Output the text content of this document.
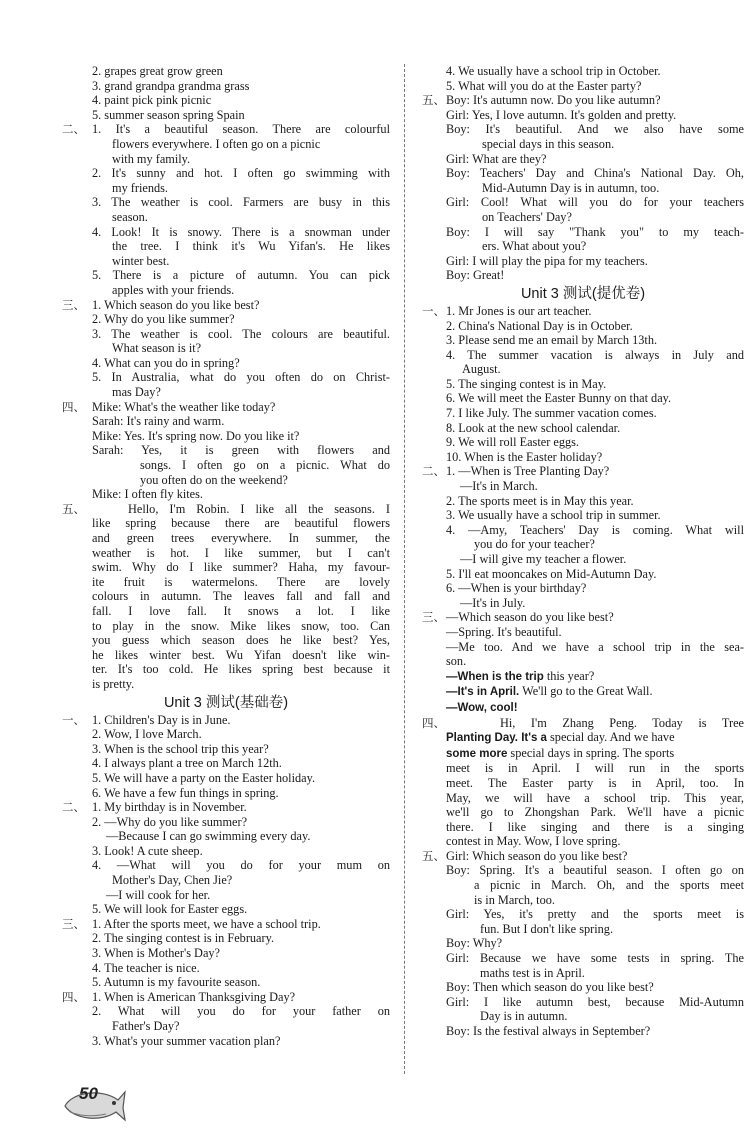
2. grapes great grow green
3. grand grandpa grandma grass
4. paint pick pink picnic
5. summer season spring Spain
二、 1. It's a beautiful season. There are colourful
flowers everywhere. I often go on a picnic
with my family.
2. It's sunny and hot. I often go swimming with
my friends.
3. The weather is cool. Farmers are busy in this
season.
4. Look! It is snowy. There is a snowman under
the tree. I think it's Wu Yifan's. He likes
winter best.
5. There is a picture of autumn. You can pick
apples with your friends.
三、 1. Which season do you like best?
2. Why do you like summer?
3. The weather is cool. The colours are beautiful.
What season is it?
4. What can you do in spring?
5. In Australia, what do you often do on Christ-
mas Day?
四、 Mike: What's the weather like today?
Sarah: It's rainy and warm.
Mike: Yes. It's spring now. Do you like it?
Sarah: Yes, it is green with flowers and
songs. I often go on a picnic. What do
you often do on the weekend?
Mike: I often fly kites.
五、	Hello, I'm Robin. I like all the seasons. I
like spring because there are beautiful flowers
and green trees everywhere. In summer, the
weather is hot. I like summer, but I can't
swim. Why do I like summer? Haha, my favour-
ite fruit is watermelons. There are lovely
colours in autumn. The leaves fall and fall and
fall. I love fall. It snows a lot. I like
to play in the snow. Mike likes snow, too. Can
you guess which season does he like best? Yes,
he likes winter best. Wu Yifan doesn't like win-
ter. It's too cold. He likes spring best because it
is pretty.
Unit 3 测试(基础卷)
一、 1. Children's Day is in June.
2. Wow, I love March.
3. When is the school trip this year?
4. I always plant a tree on March 12th.
5. We will have a party on the Easter holiday.
6. We have a few fun things in spring.
二、 1. My birthday is in November.
2. —Why do you like summer?
—Because I can go swimming every day.
3. Look! A cute sheep.
4. —What will you do for your mum on
Mother's Day, Chen Jie?
—I will cook for her.
5. We will look for Easter eggs.
三、 1. After the sports meet, we have a school trip.
2. The singing contest is in February.
3. When is Mother's Day?
4. The teacher is nice.
5. Autumn is my favourite season.
四、 1. When is American Thanksgiving Day?
2. What will you do for your father on
Father's Day?
3. What's your summer vacation plan?
4. We usually have a school trip in October.
5. What will you do at the Easter party?
五、 Boy: It's autumn now. Do you like autumn?
Girl: Yes, I love autumn. It's golden and pretty.
Boy: It's beautiful. And we also have some
special days in this season.
Girl: What are they?
Boy: Teachers' Day and China's National Day. Oh,
Mid-Autumn Day is in autumn, too.
Girl: Cool! What will you do for your teachers
on Teachers' Day?
Boy: I will say "Thank you" to my teach-
ers. What about you?
Girl: I will play the pipa for my teachers.
Boy: Great!
Unit 3 测试(提优卷)
一、 1. Mr Jones is our art teacher.
2. China's National Day is in October.
3. Please send me an email by March 13th.
4. The summer vacation is always in July and
August.
5. The singing contest is in May.
6. We will meet the Easter Bunny on that day.
7. I like July. The summer vacation comes.
8. Look at the new school calendar.
9. We will roll Easter eggs.
10. When is the Easter holiday?
二、 1. —When is Tree Planting Day?
—It's in March.
2. The sports meet is in May this year.
3. We usually have a school trip in summer.
4. —Amy, Teachers' Day is coming. What will
you do for your teacher?
—I will give my teacher a flower.
5. I'll eat mooncakes on Mid-Autumn Day.
6. —When is your birthday?
—It's in July.
三、 —Which season do you like best?
—Spring. It's beautiful.
—Me too. And we have a school trip in the sea-
son.
—When is the trip this year?
—It's in April. We'll go to the Great Wall.
—Wow, cool!
四、	Hi, I'm Zhang Peng. Today is Tree
Planting Day. It's a special day. And we have
some more special days in spring. The sports
meet is in April. I will run in the sports
meet. The Easter party is in April, too. In
May, we will have a school trip. This year,
we'll go to Zhongshan Park. We'll have a picnic
there. I like singing and there is a singing
contest in May. Wow, I love spring.
五、 Girl: Which season do you like best?
Boy: Spring. It's a beautiful season. I often go on
a picnic in March. Oh, and the sports meet
is in March, too.
Girl: Yes, it's pretty and the sports meet is
fun. But I don't like spring.
Boy: Why?
Girl: Because we have some tests in spring. The
maths test is in April.
Boy: Then which season do you like best?
Girl: I like autumn best, because Mid-Autumn
Day is in autumn.
Boy: Is the festival always in September?
50
